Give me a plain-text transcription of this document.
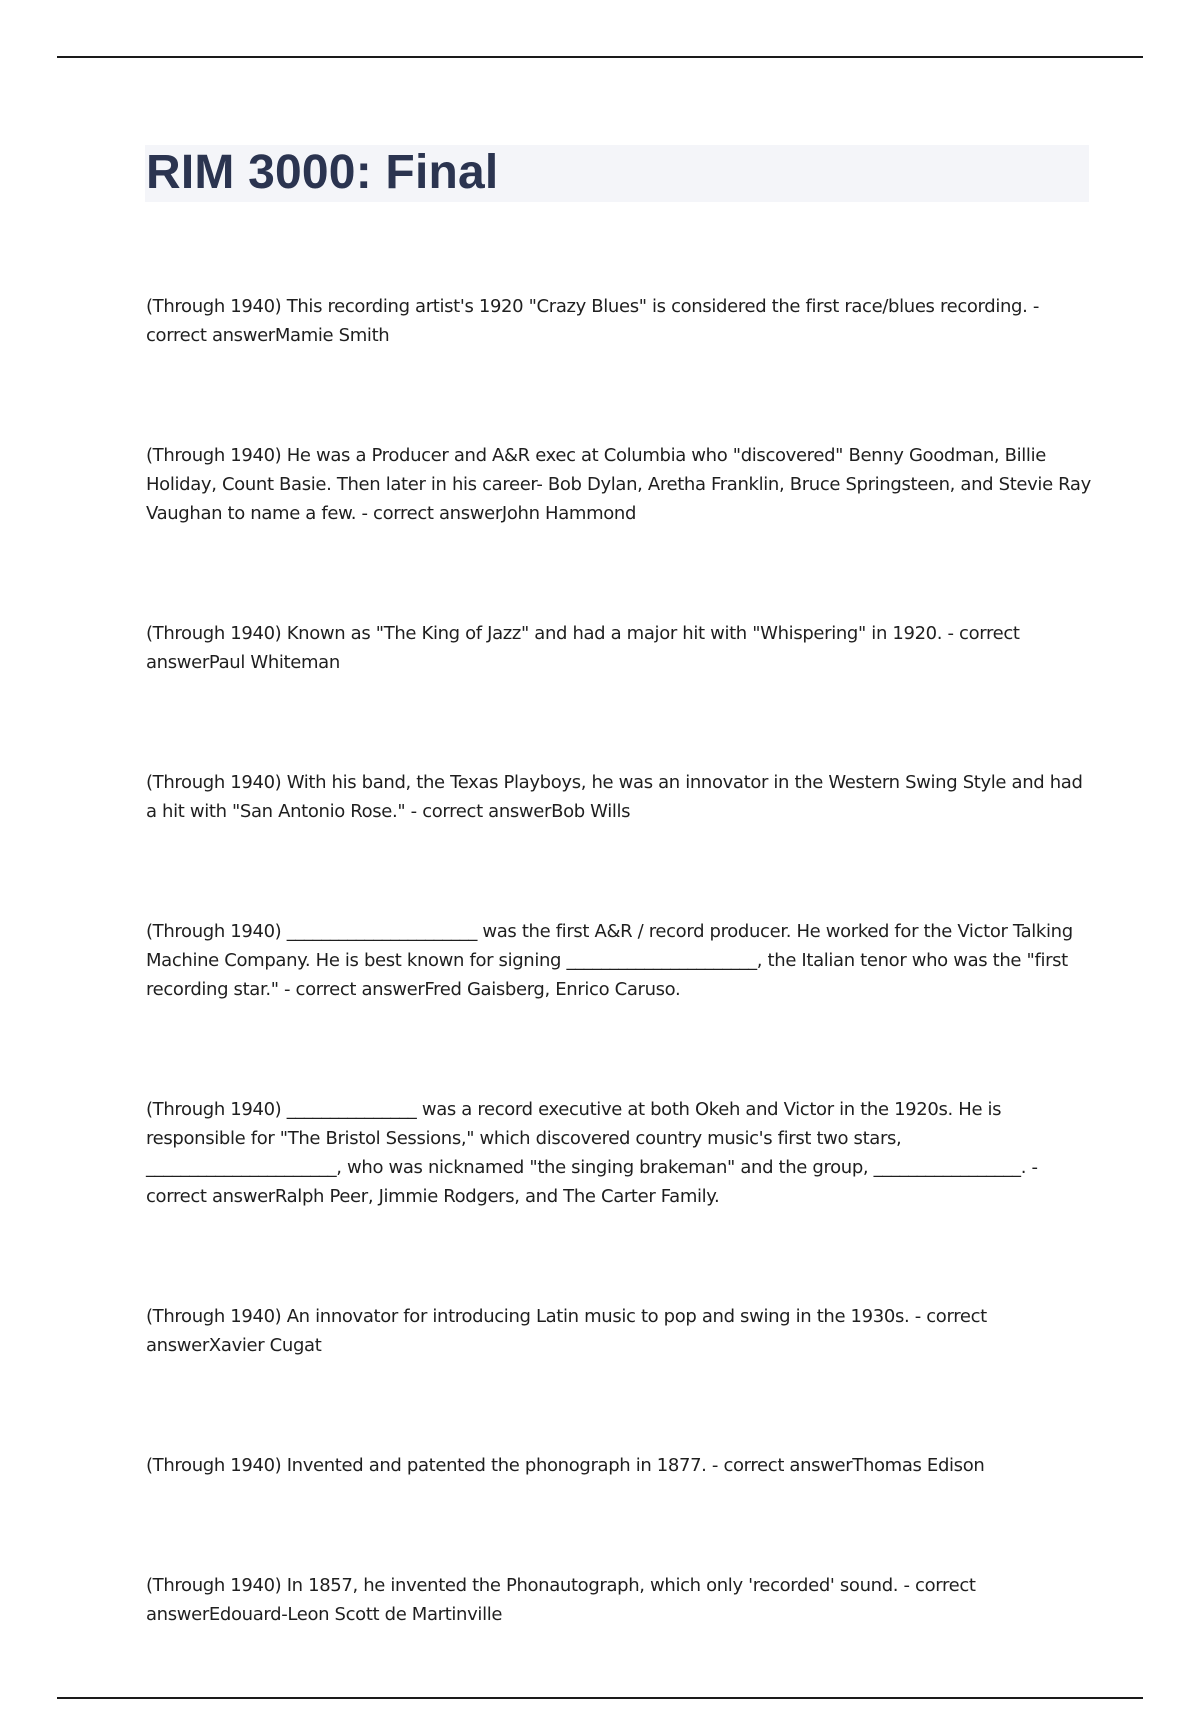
RIM 3000: Final
(Through 1940) This recording artist's 1920 "Crazy Blues" is considered the first race/blues recording. - correct answerMamie Smith
(Through 1940) He was a Producer and A&R exec at Columbia who "discovered" Benny Goodman, Billie Holiday, Count Basie. Then later in his career- Bob Dylan, Aretha Franklin, Bruce Springsteen, and Stevie Ray Vaughan to name a few. - correct answerJohn Hammond
(Through 1940) Known as "The King of Jazz" and had a major hit with "Whispering" in 1920. - correct answerPaul Whiteman
(Through 1940) With his band, the Texas Playboys, he was an innovator in the Western Swing Style and had a hit with "San Antonio Rose." - correct answerBob Wills
(Through 1940) ______________________ was the first A&R / record producer. He worked for the Victor Talking Machine Company. He is best known for signing ______________________, the Italian tenor who was the "first recording star." - correct answerFred Gaisberg, Enrico Caruso.
(Through 1940) _______________ was a record executive at both Okeh and Victor in the 1920s. He is responsible for "The Bristol Sessions," which discovered country music's first two stars, ______________________, who was nicknamed "the singing brakeman" and the group, _________________. - correct answerRalph Peer, Jimmie Rodgers, and The Carter Family.
(Through 1940) An innovator for introducing Latin music to pop and swing in the 1930s. - correct answerXavier Cugat
(Through 1940) Invented and patented the phonograph in 1877. - correct answerThomas Edison
(Through 1940) In 1857, he invented the Phonautograph, which only 'recorded' sound. - correct answerEdouard-Leon Scott de Martinville
